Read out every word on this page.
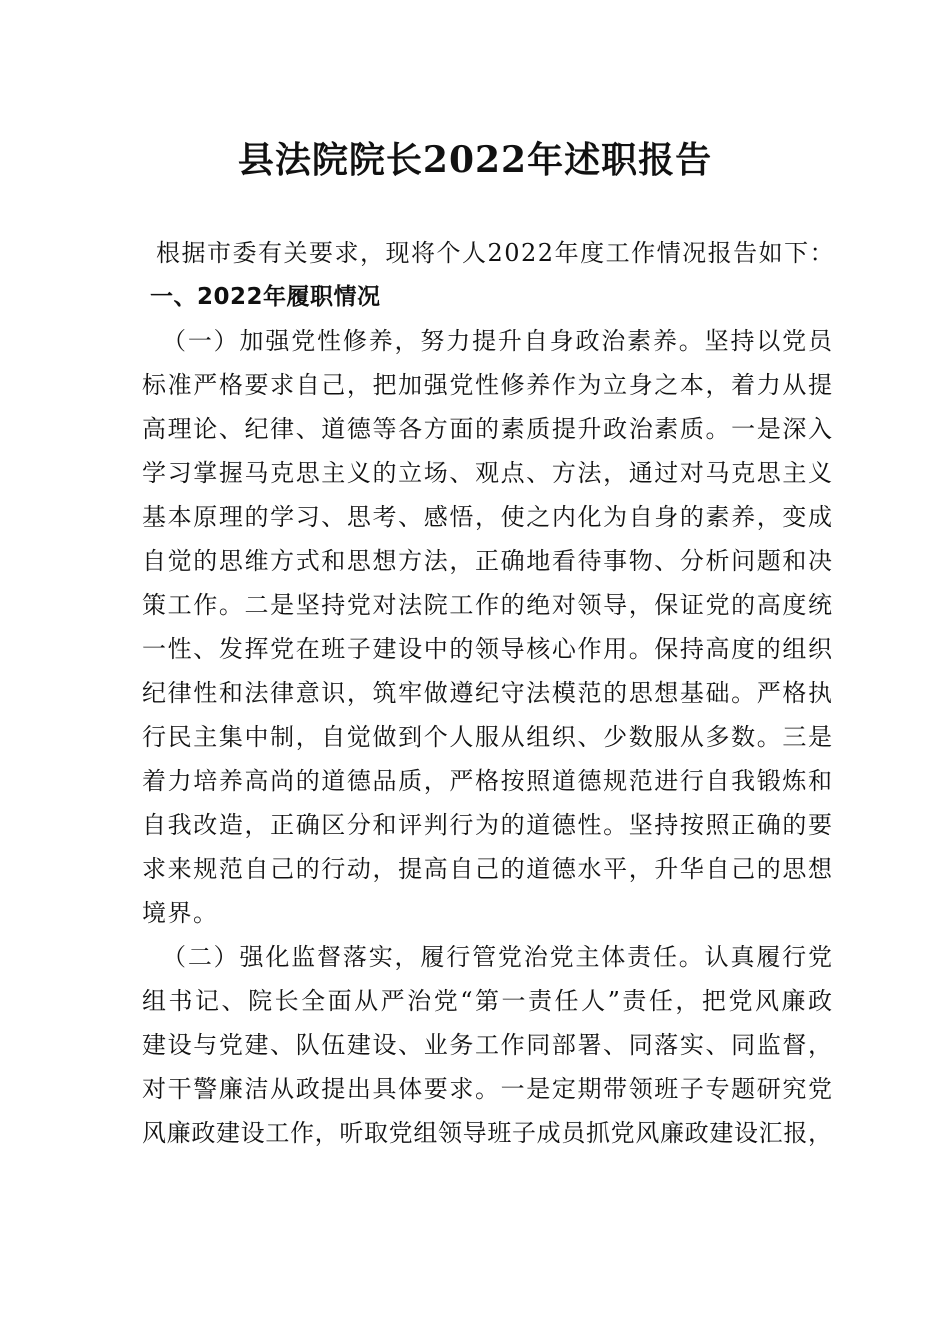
县法院院长2022年述职报告
根据市委有关要求，现将个人2022年度工作情况报告如下：
一、2022年履职情况
（一）加强党性修养，努力提升自身政治素养。坚持以党员
标准严格要求自己，把加强党性修养作为立身之本，着力从提
高理论、纪律、道德等各方面的素质提升政治素质。一是深入
学习掌握马克思主义的立场、观点、方法，通过对马克思主义
基本原理的学习、思考、感悟，使之内化为自身的素养，变成
自觉的思维方式和思想方法，正确地看待事物、分析问题和决
策工作。二是坚持党对法院工作的绝对领导，保证党的高度统
一性、发挥党在班子建设中的领导核心作用。保持高度的组织
纪律性和法律意识，筑牢做遵纪守法模范的思想基础。严格执
行民主集中制，自觉做到个人服从组织、少数服从多数。三是
着力培养高尚的道德品质，严格按照道德规范进行自我锻炼和
自我改造，正确区分和评判行为的道德性。坚持按照正确的要
求来规范自己的行动，提高自己的道德水平，升华自己的思想
境界。
（二）强化监督落实，履行管党治党主体责任。认真履行党
组书记、院长全面从严治党“第一责任人”责任，把党风廉政
建设与党建、队伍建设、业务工作同部署、同落实、同监督，
对干警廉洁从政提出具体要求。一是定期带领班子专题研究党
风廉政建设工作，听取党组领导班子成员抓党风廉政建设汇报，
